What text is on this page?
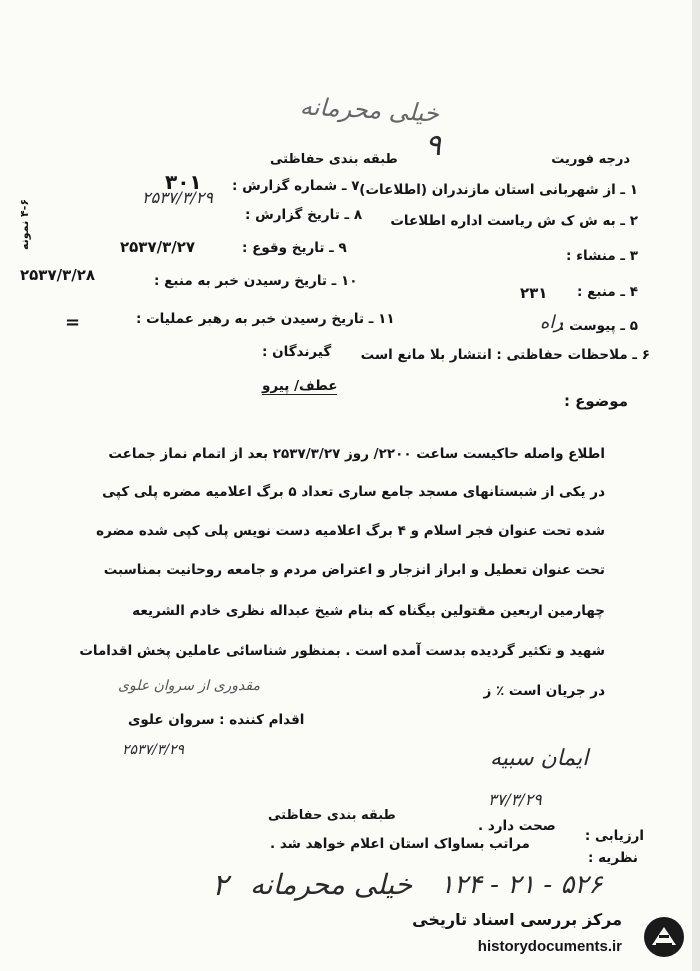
خیلی محرمانه
٩
طبقه بندی حفاظتی	درجه فوریت
۱ ـ از شهربانی استان مازندران (اطلاعات)
۲ ـ به ش ک ش ریاست اداره اطلاعات
۳ ـ منشاء :
۴ ـ منبع :
۲۳۱
۵ ـ پیوست :
راه
۶ ـ ملاحظات حفاظتی : انتشار بلا مانع است
۳۰۱ ۷ ـ شماره گزارش :
۲۵۳۷/۳/۲۹
۸ ـ تاریخ گزارش :
۲۵۳۷/۳/۲۷	۹ ـ تاریخ وقوع :
۲۵۳۷/۳/۲۸	۱۰ ـ تاریخ رسیدن خبر به منبع :
۱۱ ـ تاریخ رسیدن خبر به رهبر عملیات :
=
گیرندگان :
۴-۶ نمونه
عطف/ پیرو
موضوع :
اطلاع واصله حاکیست ساعت ۲۲۰۰/ روز ۲۵۳۷/۳/۲۷ بعد از اتمام نماز جماعت
در یکی از شبستانهای مسجد جامع ساری تعداد ۵ برگ اعلامیه مضره پلی کپی
شده تحت عنوان فجر اسلام و ۴ برگ اعلامیه دست نویس پلی کپی شده مضره
تحت عنوان تعطیل و ابراز انزجار و اعتراض مردم و جامعه روحانیت بمناسبت
چهارمین اربعین مقتولین بیگناه که بنام شیخ عبداله نظری خادم الشریعه
شهید و تکثیر گردیده بدست آمده است . بمنظور شناسائی عاملین پخش اقدامات
در جریان است ٪ ز
مقدوری از سروان علوی
اقدام کننده : سروان علوی
۲۵۳۷/۳/۲۹	ایمان سبیه
۳۷/۳/۲۹
طبقه بندی حفاظتی
صحت دارد .
ارزیابی :
مراتب بساواک استان اعلام خواهد شد .
نظریه :
۱۲۴ - ۲۱ - ۵۲۶
خیلی محرمانه
٢
مرکز بررسی اسناد تاریخی
historydocuments.ir
